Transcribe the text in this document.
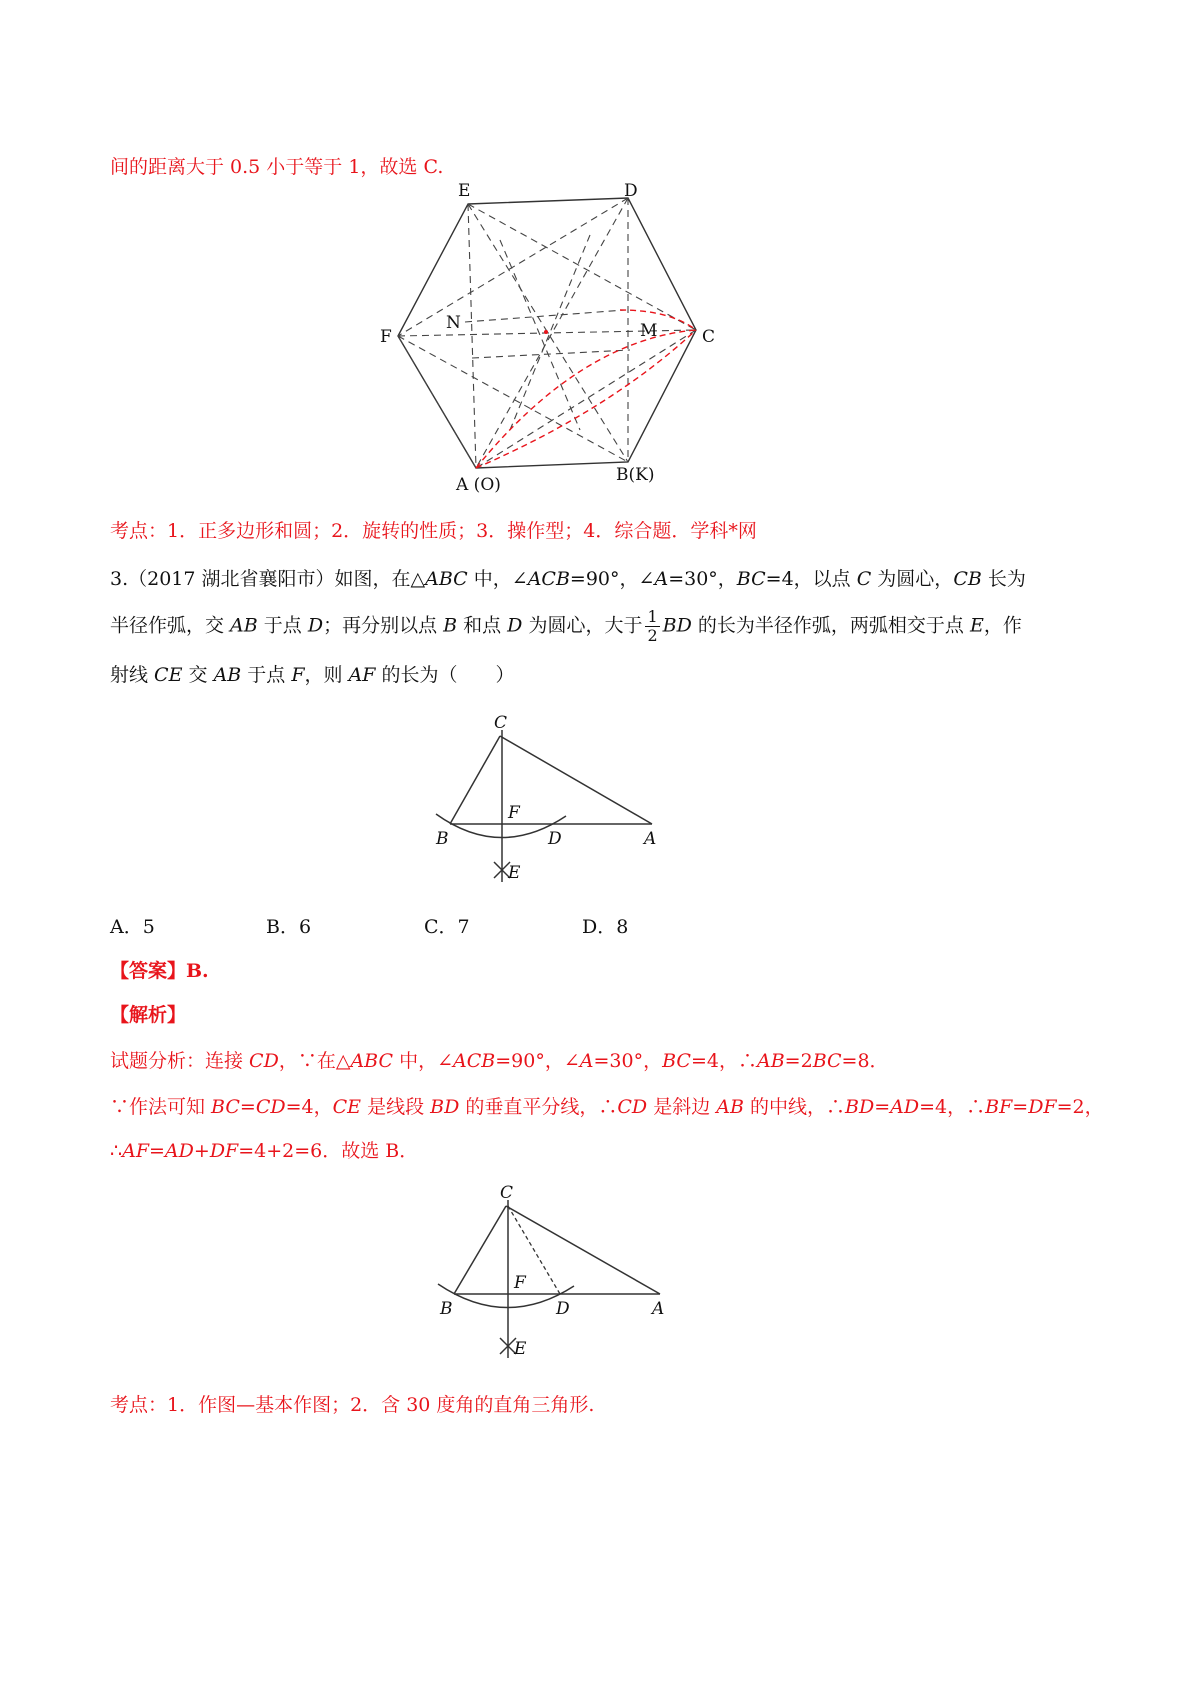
间的距离大于 0.5 小于等于 1，故选 C.
E	D
F	C
N	M
A (O)	B(K)
考点：1．正多边形和圆；2．旋转的性质；3．操作型；4．综合题．学科*网
3.（2017 湖北省襄阳市）如图，在△ABC 中，∠ACB=90°，∠A=30°，BC=4，以点 C 为圆心，CB 长为
半径作弧，交 AB 于点 D；再分别以点 B 和点 D 为圆心，大于 $\frac{1}{2}$ BD 的长为半径作弧，两弧相交于点 E，作
射线 CE 交 AB 于点 F，则 AF 的长为（　　）
C
F
B	D	A
E
A．5	B．6	C．7	D．8
【答案】B.
【解析】
试题分析：连接 CD，∵在△ABC 中，∠ACB=90°，∠A=30°，BC=4，∴AB=2BC=8．
∵作法可知 BC=CD=4，CE 是线段 BD 的垂直平分线，∴CD 是斜边 AB 的中线，∴BD=AD=4，∴BF=DF=2，
∴AF=AD+DF=4+2=6．故选 B．
C
F
B	D	A
E
考点：1．作图—基本作图；2．含 30 度角的直角三角形.
